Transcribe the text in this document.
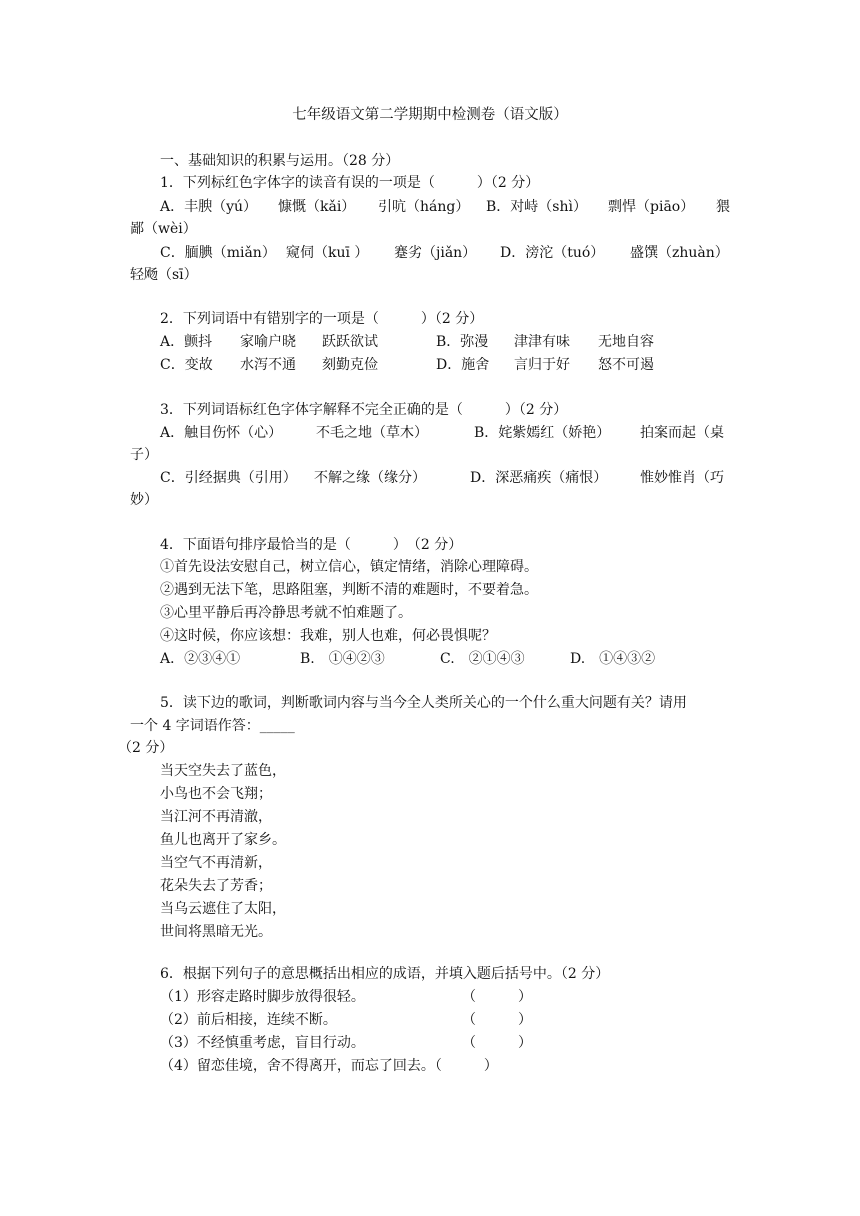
七年级语文第二学期期中检测卷（语文版）
一、基础知识的积累与运用。（28 分）
1．下列标红色字体字的读音有误的一项是（　　　）（2 分）
A．丰腴（yú） 慷慨（kǎi） 引吭（háng） B．对峙（shì） 剽悍（piāo） 猥
鄙（wèi）
C．腼腆（miǎn） 窥伺（kuī ） 蹇劣（jiǎn） D．滂沱（tuó） 盛馔（zhuàn）
轻飏（sī）
2．下列词语中有错别字的一项是（　　　）（2 分）
A．颤抖 家喻户晓 跃跃欲试	B．弥漫 津津有味 无地自容
C．变故 水泻不通 刻勤克俭	D．施舍 言归于好 怒不可遏
3．下列词语标红色字体字解释不完全正确的是（　　　）（2 分）
A．触目伤怀（心） 不毛之地（草木）	B．姹紫嫣红（娇艳） 拍案而起（桌
子）
C．引经据典（引用） 不解之缘（缘分）	D．深恶痛疾（痛恨） 惟妙惟肖（巧
妙）
4．下面语句排序最恰当的是（　　　）　（2 分）
①首先设法安慰自己，树立信心，镇定情绪，消除心理障碍。
②遇到无法下笔，思路阻塞，判断不清的难题时，不要着急。
③心里平静后再冷静思考就不怕难题了。
④这时候，你应该想：我难，别人也难，何必畏惧呢？
A．②③④①	B.　①④②③	C.　②①④③	D.　①④③②
5．读下边的歌词，判断歌词内容与当今全人类所关心的一个什么重大问题有关？请用
一个 4 字词语作答：_____
（2 分）
当天空失去了蓝色，
小鸟也不会飞翔；
当江河不再清澈，
鱼儿也离开了家乡。
当空气不再清新，
花朵失去了芳香；
当乌云遮住了太阳，
世间将黑暗无光。
6．根据下列句子的意思概括出相应的成语，并填入题后括号中。（2 分）
（1）形容走路时脚步放得很轻。	（　　　）
（2）前后相接，连续不断。	（　　　）
（3）不经慎重考虑，盲目行动。	（　　　）
（4）留恋佳境，舍不得离开，而忘了回去。（　　　）
